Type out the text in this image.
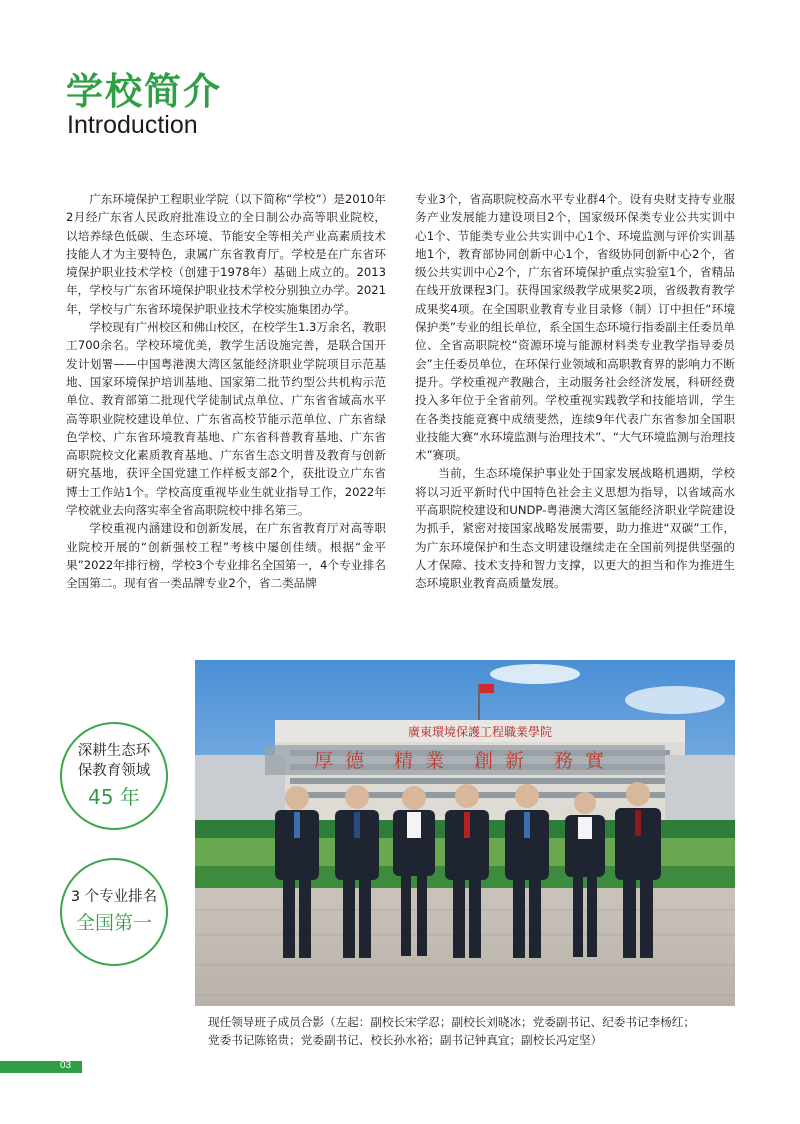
学校简介
Introduction

广东环境保护工程职业学院（以下简称“学校”）是2010年2月经广东省人民政府批准设立的全日制公办高等职业院校，以培养绿色低碳、生态环境、节能安全等相关产业高素质技术技能人才为主要特色，隶属广东省教育厅。学校是在广东省环境保护职业技术学校（创建于1978年）基础上成立的。2013年，学校与广东省环境保护职业技术学校分别独立办学。2021年，学校与广东省环境保护职业技术学校实施集团办学。

学校现有广州校区和佛山校区，在校学生1.3万余名，教职工700余名。学校环境优美，教学生活设施完善，是联合国开发计划署——中国粤港澳大湾区氢能经济职业学院项目示范基地、国家环境保护培训基地、国家第二批节约型公共机构示范单位、教育部第二批现代学徒制试点单位、广东省省域高水平高等职业院校建设单位、广东省高校节能示范单位、广东省绿色学校、广东省环境教育基地、广东省科普教育基地、广东省高职院校文化素质教育基地、广东省生态文明普及教育与创新研究基地，获评全国党建工作样板支部2个，获批设立广东省博士工作站1个。学校高度重视毕业生就业指导工作，2022年学校就业去向落实率全省高职院校中排名第三。

学校重视内涵建设和创新发展，在广东省教育厅对高等职业院校开展的“创新强校工程”考核中屡创佳绩。根据“金平果”2022年排行榜，学校3个专业排名全国第一，4个专业排名全国第二。现有省一类品牌专业2个，省二类品牌

专业3个，省高职院校高水平专业群4个。设有央财支持专业服务产业发展能力建设项目2个，国家级环保类专业公共实训中心1个、节能类专业公共实训中心1个、环境监测与评价实训基地1个，教育部协同创新中心1个，省级协同创新中心2个，省级公共实训中心2个，广东省环境保护重点实验室1个，省精品在线开放课程3门。获得国家级教学成果奖2项，省级教育教学成果奖4项。在全国职业教育专业目录修（制）订中担任“环境保护类”专业的组长单位，系全国生态环境行指委副主任委员单位、全省高职院校“资源环境与能源材料类专业教学指导委员会”主任委员单位，在环保行业领域和高职教育界的影响力不断提升。学校重视产教融合，主动服务社会经济发展，科研经费投入多年位于全省前列。学校重视实践教学和技能培训，学生在各类技能竞赛中成绩斐然，连续9年代表广东省参加全国职业技能大赛“水环境监测与治理技术”、“大气环境监测与治理技术”赛项。

当前，生态环境保护事业处于国家发展战略机遇期，学校将以习近平新时代中国特色社会主义思想为指导，以省域高水平高职院校建设和UNDP-粤港澳大湾区氢能经济职业学院建设为抓手，紧密对接国家战略发展需要，助力推进“双碳”工作，为广东环境保护和生态文明建设继续走在全国前列提供坚强的人才保障、技术支持和智力支撑，以更大的担当和作为推进生态环境职业教育高质量发展。

廣東環境保護工程職業學院
厚德 精業 創新 務實
深耕生态环
保教育领域
45 年
3 个专业排名
全国第一
现任领导班子成员合影（左起：副校长宋学忍；副校长刘晓冰；党委副书记、纪委书记李杨红；
党委书记陈铭贵；党委副书记、校长孙水裕；副书记钟真宜；副校长冯定坚）
03
